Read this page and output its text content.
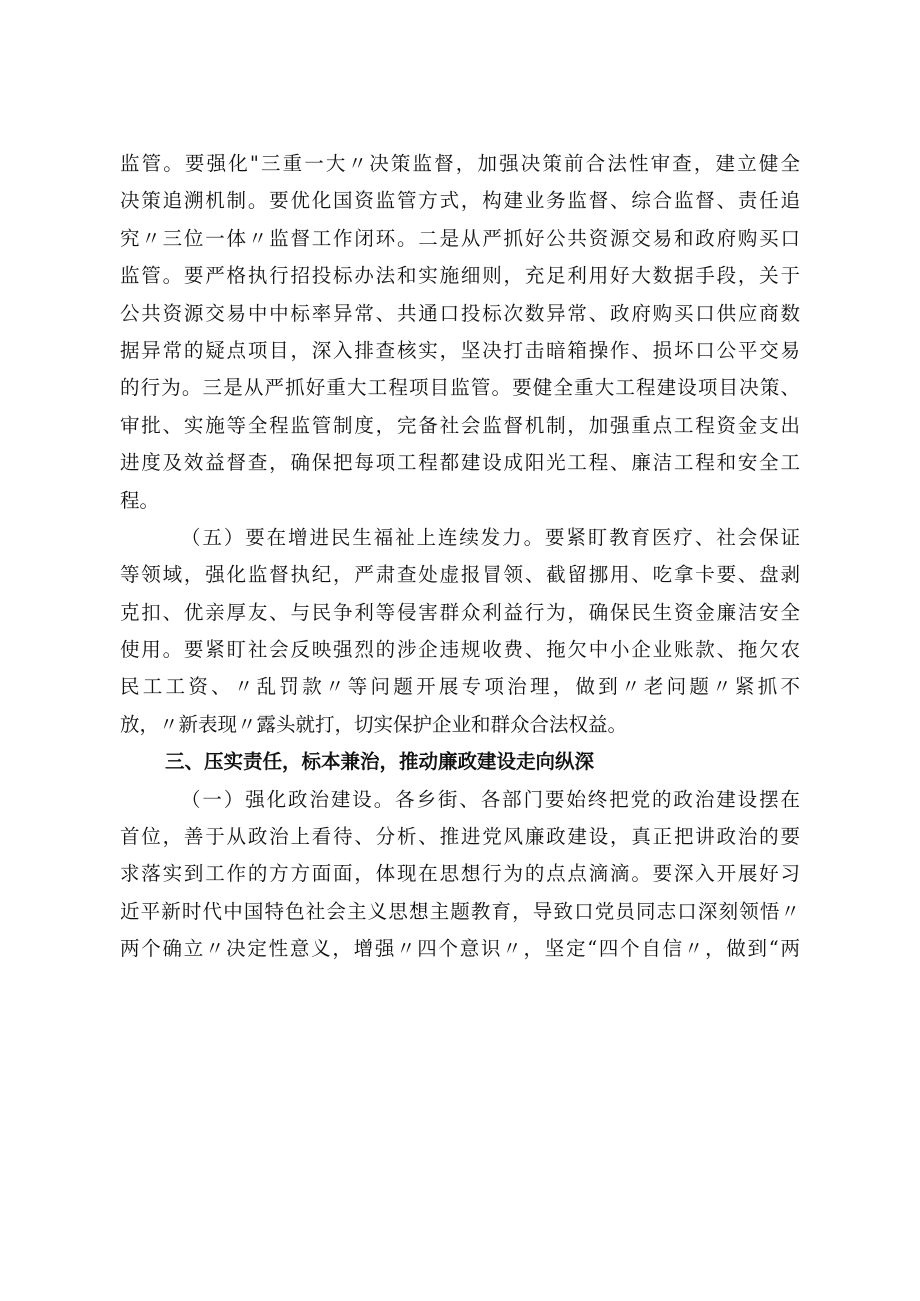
监管。要强化"三重一大〃决策监督，加强决策前合法性审查，建立健全
决策追溯机制。要优化国资监管方式，构建业务监督、综合监督、责任追
究〃三位一体〃监督工作闭环。二是从严抓好公共资源交易和政府购买口
监管。要严格执行招投标办法和实施细则，充足利用好大数据手段，关于
公共资源交易中中标率异常、共通口投标次数异常、政府购买口供应商数
据异常的疑点项目，深入排查核实，坚决打击暗箱操作、损坏口公平交易
的行为。三是从严抓好重大工程项目监管。要健全重大工程建设项目决策、
审批、实施等全程监管制度，完备社会监督机制，加强重点工程资金支出
进度及效益督查，确保把每项工程都建设成阳光工程、廉洁工程和安全工
程。
（五）要在增进民生福祉上连续发力。要紧盯教育医疗、社会保证
等领域，强化监督执纪，严肃查处虚报冒领、截留挪用、吃拿卡要、盘剥
克扣、优亲厚友、与民争利等侵害群众利益行为，确保民生资金廉洁安全
使用。要紧盯社会反映强烈的涉企违规收费、拖欠中小企业账款、拖欠农
民工工资、〃乱罚款〃等问题开展专项治理，做到〃老问题〃紧抓不
放，〃新表现〃露头就打，切实保护企业和群众合法权益。
三、压实责任，标本兼治，推动廉政建设走向纵深
（一）强化政治建设。各乡街、各部门要始终把党的政治建设摆在
首位，善于从政治上看待、分析、推进党风廉政建设，真正把讲政治的要
求落实到工作的方方面面，体现在思想行为的点点滴滴。要深入开展好习
近平新时代中国特色社会主义思想主题教育，导致口党员同志口深刻领悟〃
两个确立〃决定性意义，增强〃四个意识〃，坚定“四个自信〃，做到“两
